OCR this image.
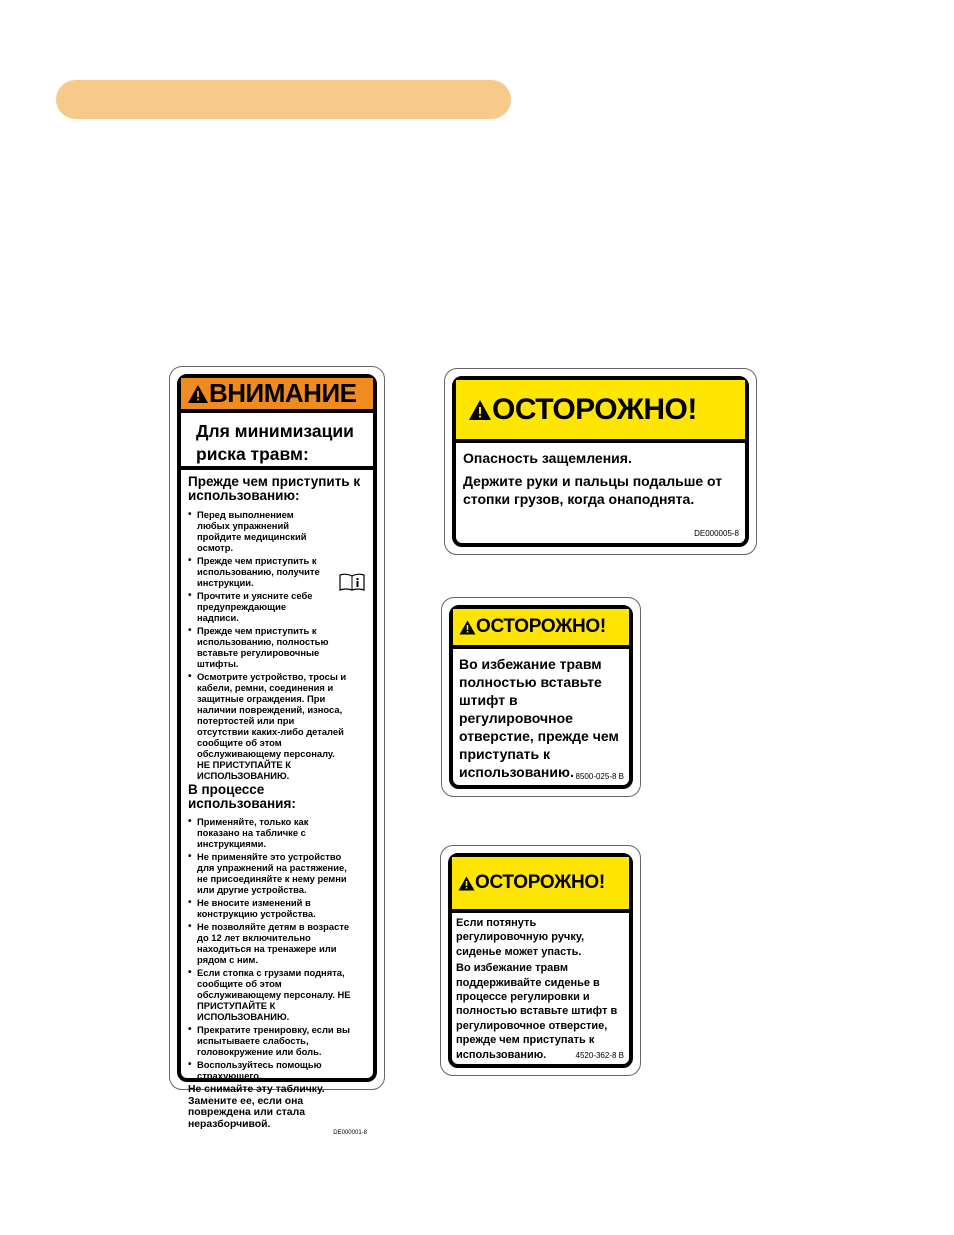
ВНИМАНИЕ
Для минимизации риска травм:
Прежде чем приступить к использованию:
• Перед выполнением любых упражнений пройдите медицинский осмотр.
• Прежде чем приступить к использованию, получите инструкции.
• Прочтите и уясните себе предупреждающие надписи.
• Прежде чем приступить к использованию, полностью вставьте регулировочные штифты.
• Осмотрите устройство, тросы и кабели, ремни, соединения и защитные ограждения. При наличии повреждений, износа, потертостей или при отсутствии каких-либо деталей сообщите об этом обслуживающему персоналу. НЕ ПРИСТУПАЙТЕ К ИСПОЛЬЗОВАНИЮ.
В процессе использования:
• Применяйте, только как показано на табличке с инструкциями.
• Не применяйте это устройство для упражнений на растяжение, не присоединяйте к нему ремни или другие устройства.
• Не вносите изменений в конструкцию устройства.
• Не позволяйте детям в возрасте до 12 лет включительно находиться на тренажере или рядом с ним.
• Если стопка с грузами поднята, сообщите об этом обслуживающему персоналу. НЕ ПРИСТУПАЙТЕ К ИСПОЛЬЗОВАНИЮ.
• Прекратите тренировку, если вы испытываете слабость, головокружение или боль.
• Воспользуйтесь помощью страхующего.
Не снимайте эту табличку. Замените ее, если она повреждена или стала неразборчивой.
DE000001-8
ОСТОРОЖНО!
Опасность защемления.
Держите руки и пальцы подальше от стопки грузов, когда онаподнята.
DE000005-8
ОСТОРОЖНО!
Во избежание травм полностью вставьте штифт в регулировочное отверстие, прежде чем приступать к использованию. 8500-025-8 B
ОСТОРОЖНО!
Если потянуть регулировочную ручку, сиденье может упасть.
Во избежание травм поддерживайте сиденье в процессе регулировки и полностью вставьте штифт в регулировочное отверстие, прежде чем приступать к использованию.	4520-362-8 B
